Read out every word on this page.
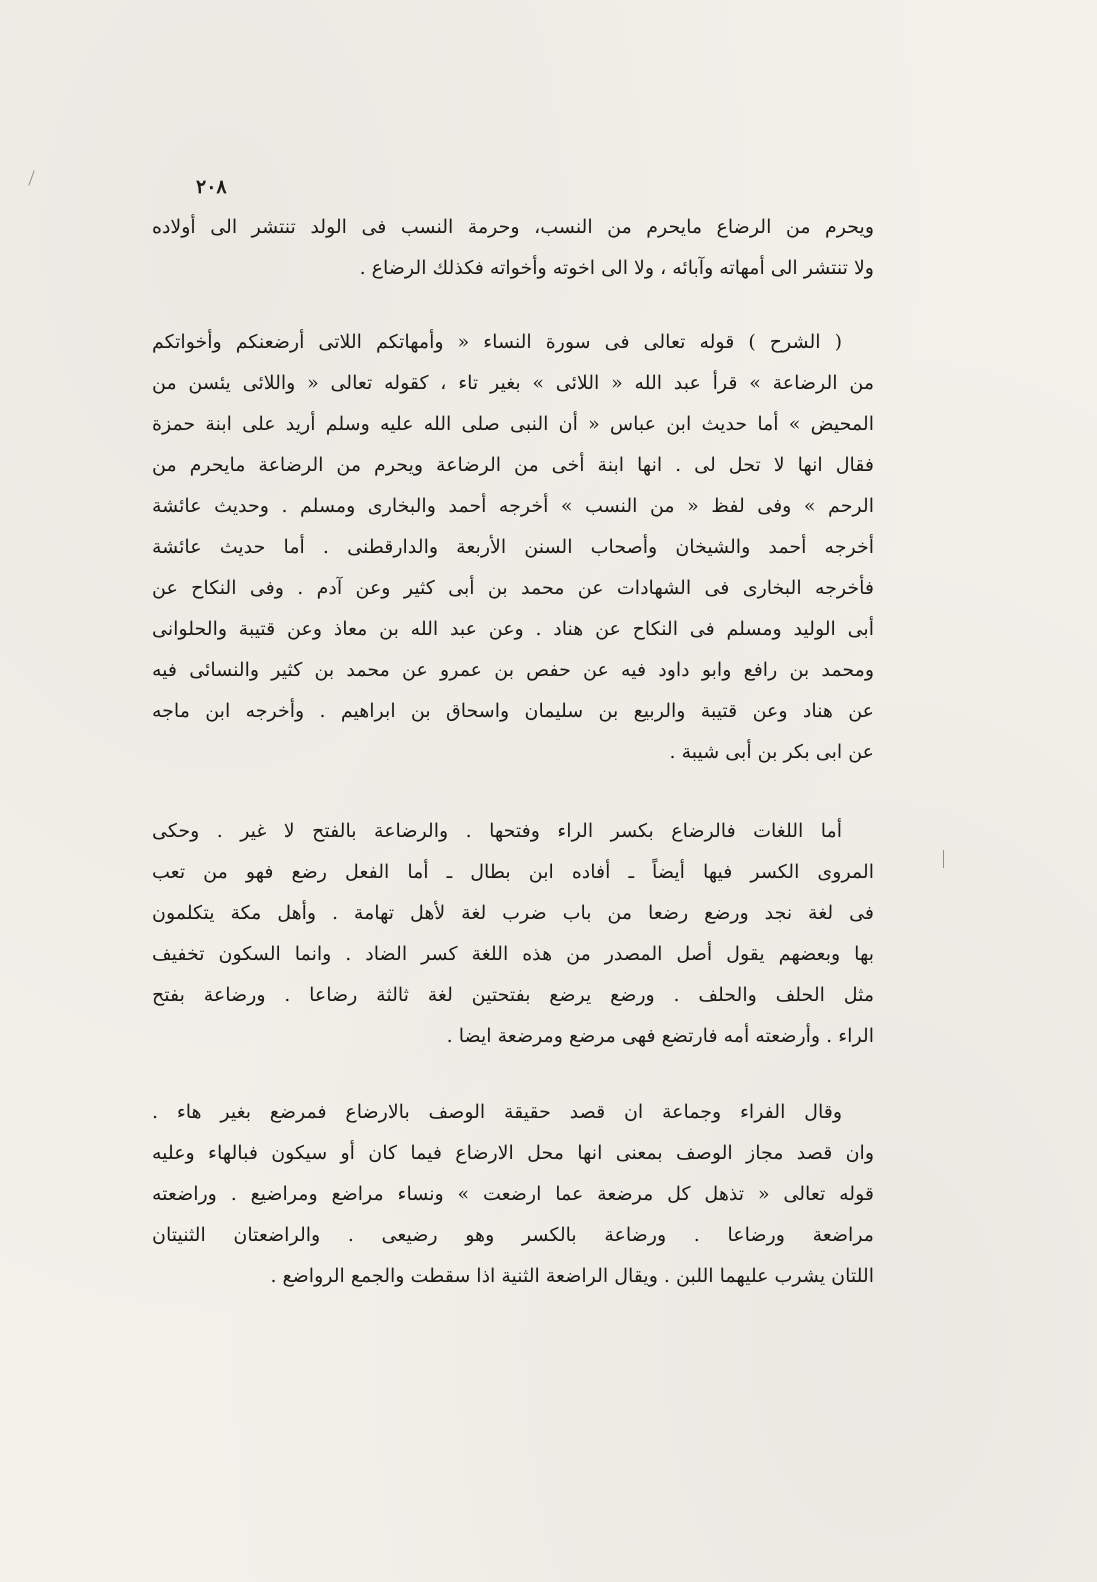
٢٠٨
ويحرم من الرضاع مايحرم من النسب، وحرمة النسب فى الولد تنتشر الى أولاده
ولا تنتشر الى أمهاته وآبائه ، ولا الى اخوته وأخواته فكذلك الرضاع .
( الشرح ) قوله تعالى فى سورة النساء « وأمهاتكم اللاتى أرضعنكم وأخواتكم
من الرضاعة » قرأ عبد الله « اللائى » بغير تاء ، كقوله تعالى « واللائى يئسن من
المحيض » أما حديث ابن عباس « أن النبى صلى الله عليه وسلم أريد على ابنة حمزة
فقال انها لا تحل لى . انها ابنة أخى من الرضاعة ويحرم من الرضاعة مايحرم من
الرحم » وفى لفظ « من النسب » أخرجه أحمد والبخارى ومسلم . وحديث عائشة
أخرجه أحمد والشيخان وأصحاب السنن الأربعة والدارقطنى . أما حديث عائشة
فأخرجه البخارى فى الشهادات عن محمد بن أبى كثير وعن آدم . وفى النكاح عن
أبى الوليد ومسلم فى النكاح عن هناد . وعن عبد الله بن معاذ وعن قتيبة والحلوانى
ومحمد بن رافع وابو داود فيه عن حفص بن عمرو عن محمد بن كثير والنسائى فيه
عن هناد وعن قتيبة والربيع بن سليمان واسحاق بن ابراهيم . وأخرجه ابن ماجه
عن ابى بكر بن أبى شيبة .
أما اللغات فالرضاع بكسر الراء وفتحها . والرضاعة بالفتح لا غير . وحكى
المروى الكسر فيها أيضاً ـ أفاده ابن بطال ـ أما الفعل رضع فهو من تعب
فى لغة نجد ورضع رضعا من باب ضرب لغة لأهل تهامة . وأهل مكة يتكلمون
بها وبعضهم يقول أصل المصدر من هذه اللغة كسر الضاد . وانما السكون تخفيف
مثل الحلف والحلف . ورضع يرضع بفتحتين لغة ثالثة رضاعا . ورضاعة بفتح
الراء . وأرضعته أمه فارتضع فهى مرضع ومرضعة ايضا .
وقال الفراء وجماعة ان قصد حقيقة الوصف بالارضاع فمرضع بغير هاء .
وان قصد مجاز الوصف بمعنى انها محل الارضاع فيما كان أو سيكون فبالهاء وعليه
قوله تعالى « تذهل كل مرضعة عما ارضعت » ونساء مراضع ومراضيع . وراضعته
مراضعة ورضاعا . ورضاعة بالكسر وهو رضيعى . والراضعتان الثنيتان
اللتان يشرب عليهما اللبن . ويقال الراضعة الثنية اذا سقطت والجمع الرواضع .
